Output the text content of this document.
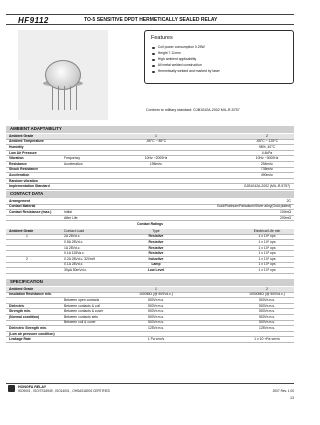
HF9112	TO-5 SENSITIVE DPDT HERMETICALLY SEALED RELAY
Features
Coil power consumption 0.25W
Height 7.11mm
High ambient applicability
All metal welded construction
Hermetically welded and marked by laser
Conform to military standard: GJB1042A-2002 MIL-R-5757
AMBIENT ADAPTABILITY
Ambient Grade	1	2
Ambient Temperature	-55°C ~ 85°C	-65°C ~ 125°C
Humidity	98%, 40°C
Low Air Pressure	4.4kPa
Vibration	Frequency	10Hz ~2000Hz	10Hz ~3000Hz
Resistance	Acceleration	196m/s²	294m/s²
Shock Resistance	735m/s²
Acceleration	490m/s²
Random vibration
Implementation Standard	GJB1042A-2002 (MIL-R-5757)
CONTACT DATA
Arrangement	2C
Contact Material	Gold/Platinum/Palladium/Silver alloy(Gold plated)
Contact Resistance (max.)	Initial	100mΩ
After Life	200mΩ
Contact Ratings
Ambient Grade	Contact Load	Type	Electrical Life min
1	2A 28Vd.c.	Resistive	1 x 10⁵ ops
0.5A 28Vd.c.	Resistive	1 x 10⁵ ops
1A 28Vd.c.	Resistive	1 x 10⁵ ops
0.1A 115Va.c.	Resistive	1 x 10⁵ ops
2	0.2A 28Vd.c. 320mH	Inductive	1 x 10⁵ ops
0.1A 28Vd.c.	Lamp	1 x 10⁵ ops
30μA 50mVd.c.	Low Level	1 x 10⁵ ops
SPECIFICATION
Ambient Grade	1	2
Insulation Resistance min.	1000MΩ (@ 500Vd.c.)	10000MΩ (@ 500Vd.c.)
Between open contacts	500Vr.m.s.	500Vr.m.s.
Dielectric	Between contacts & coil	500Vr.m.s.	500Vr.m.s.
Strength min.	Between contacts & cover	500Vr.m.s.	500Vr.m.s.
(Normal condition)	Between contacts sets	500Vr.m.s.	500Vr.m.s.
Between coil & cover	500Vr.m.s.	500Vr.m.s.
Dielectric Strength min.	125Vr.m.s.	125Vr.m.s.
(Low air pressure condition)
Leakage Rate	1 Pa·cm³/s	1 x 10⁻³Pa·cm³/s
HONGFA RELAY
ISO9001 , ISO/TS16949 , ISO14001 , OHSAS18001 CERTIFIED	2007 Rev. 1.00
13
